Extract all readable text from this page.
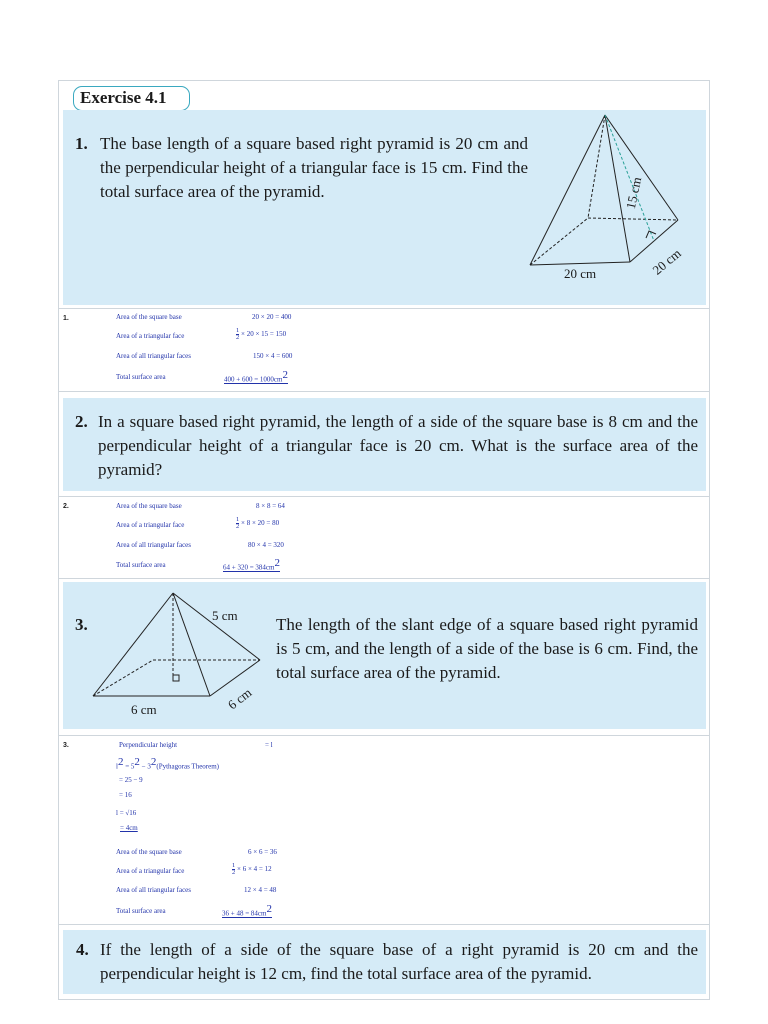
Exercise 4.1
1. The base length of a square based right pyramid is 20 cm and the perpendicular height of a triangular face is 15 cm. Find the total surface area of the pyramid.	15 cm
20 cm	20 cm
1.	Area of the square base	20 × 20 = 400
Area of a triangular face	$\frac{1}{2} \times 20 \times 15 = 150$
Area of all triangular faces	150 × 4 = 600
Total surface area	$400 + 600 = 1000cm^2$
2. In a square based right pyramid, the length of a side of the square base is 8 cm and the perpendicular height of a triangular face is 20 cm. What is the surface area of the pyramid?
2.	Area of the square base	8 × 8 = 64
Area of a triangular face	$\frac{1}{2} \times 8 \times 20 = 80$
Area of all triangular faces	80 × 4 = 320
Total surface area	$64 + 320 = 384cm^2$
3.	5 cm
6 cm	6 cm
The length of the slant edge of a square based right pyramid is 5 cm, and the length of a side of the base is 6 cm. Find, the total surface area of the pyramid.
3.	Perpendicular height	= l
$l^2 = 5^2$ − $3^2(Pythagoras$ Theorem)
= 25 − 9
= 16
l = √16
= 4cm
Area of the square base	6 × 6 = 36
Area of a triangular face	$\frac{1}{2} \times 6 \times 4 = 12$
Area of all triangular faces	12 × 4 = 48
Total surface area	$36 + 48 = 84cm^2$
4. If the length of a side of the square base of a right pyramid is 20 cm and the perpendicular height is 12 cm, find the total surface area of the pyramid.
